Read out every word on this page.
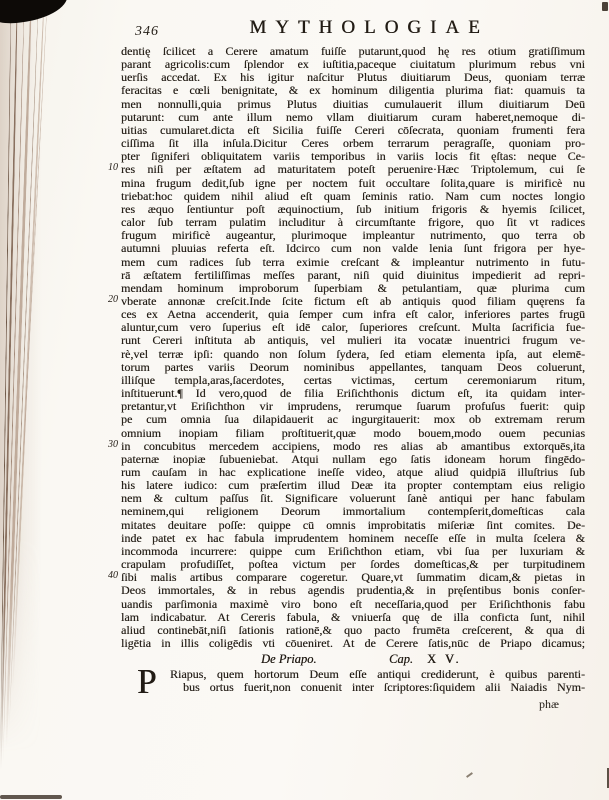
346	MYTHOLOGIAE
dentię ſcilicet a Cerere amatum fuiſſe putarunt,quod hę res otium gratiſſimum
parant agricolis:cum ſplendor ex iuſtitia,paceque ciuitatum plurimum rebus vni
uerſis accedat. Ex his igitur naſcitur Plutus diuitiarum Deus, quoniam terræ
feracitas e cœli benignitate, & ex hominum diligentia plurima fiat: quamuis ta
men nonnulli,quia primus Plutus diuitias cumulauerit illum diuitiarum Deū
putarunt: cum ante illum nemo vllam diuitiarum curam haberet,nemoque di-
uitias cumularet.dicta eſt Sicilia fuiſſe Cereri cōſecrata, quoniam frumenti fera
ciſſima ſit illa inſula.Dicitur Ceres orbem terrarum peragraſſe, quoniam pro-
pter ſigniferi obliquitatem variis temporibus in variis locis fit ęſtas: neque Ce-
res niſi per æſtatem ad maturitatem poteſt peruenire·Hæc Triptolemum, cui ſe
mina frugum dedit,ſub igne per noctem fuit occultare ſolita,quare is mirificè nu
triebat:hoc quidem nihil aliud eſt quam ſeminis ratio. Nam cum noctes longio
res æquo ſentiuntur poſt æquinoctium, ſub initium frigoris & hyemis ſcilicet,
calor ſub terram pulatim includitur à circumſtante frigore, quo ſit vt radices
frugum mirificè augeantur, plurimoque impleantur nutrimento, quo terra ob
autumni pluuias referta eſt. Idcirco cum non valde lenia ſunt frigora per hye-
mem cum radices ſub terra eximie creſcant & impleantur nutrimento in futu-
rā æſtatem fertiliſſimas meſſes parant, niſi quid diuinitus impedierit ad repri-
mendam hominum improborum ſuperbiam & petulantiam, quæ plurima cum
vberate annonæ creſcit.Inde ſcite fictum eſt ab antiquis quod filiam quęrens fa
ces ex Aetna accenderit, quia ſemper cum infra eſt calor, inferiores partes frugū
aluntur,cum vero ſuperius eſt idē calor, ſuperiores creſcunt. Multa ſacrificia fue-
runt Cereri inſtituta ab antiquis, vel mulieri ita vocatæ inuentrici frugum ve-
rè,vel terræ ipſi: quando non ſolum ſydera, ſed etiam elementa ipſa, aut elemē-
torum partes variis Deorum nominibus appellantes, tanquam Deos coluerunt,
illiſque templa,aras,ſacerdotes, certas victimas, certum ceremoniarum ritum,
inſtituerunt.¶ Id vero,quod de filia Eriſichthonis dictum eſt, ita quidam inter-
pretantur,vt Eriſichthon vir imprudens, rerumque ſuarum profuſus fuerit: quip
pe cum omnia ſua dilapidauerit ac ingurgitauerit: mox ob extremam rerum
omnium inopiam filiam proſtituerit,quæ modo bouem,modo ouem pecunias
in concubitus mercedem accipiens, modo res alias ab amantibus extorquēs,ita
paternæ inopiæ ſubueniebat. Atqui nullam ego ſatis idoneam horum fingēdo-
rum cauſam in hac explicatione ineſſe video, atque aliud quidpiā illuſtrius ſub
his latere iudico: cum præſertim illud Deæ ita propter contemptam eius religio
nem & cultum paſſus ſit. Significare voluerunt ſanè antiqui per hanc fabulam
neminem,qui religionem Deorum immortalium contempſerit,domeſticas cala
mitates deuitare poſſe: quippe cū omnis improbitatis miſeriæ ſint comites. De-
inde patet ex hac fabula imprudentem hominem neceſſe eſſe in multa ſcelera &
incommoda incurrere: quippe cum Eriſichthon etiam, vbi ſua per luxuriam &
crapulam profudiſſet, poſtea victum per ſordes domeſticas,& per turpitudinem
ſibi malis artibus comparare cogeretur. Quare,vt ſummatim dicam,& pietas in
Deos immortales, & in rebus agendis prudentia,& in pręſentibus bonis conſer-
uandis parſimonia maximè viro bono eſt neceſſaria,quod per Eriſichthonis fabu
lam indicabatur. At Cereris fabula, & vniuerſa quę de illa conficta ſunt, nihil
aliud continebāt,niſi ſationis rationē,& quo pacto frumēta creſcerent, & qua di
ligētia in illis coligēdis vti cōueniret. At de Cerere ſatis,nūc de Priapo dicamus;
10
20
30
40
De Priapo.	Cap. X V.
P
phæ
Riapus, quem hortorum Deum eſſe antiqui crediderunt, è quibus parenti-
bus ortus fuerit,non conuenit inter ſcriptores:ſiquidem alii Naiadis Nym-
